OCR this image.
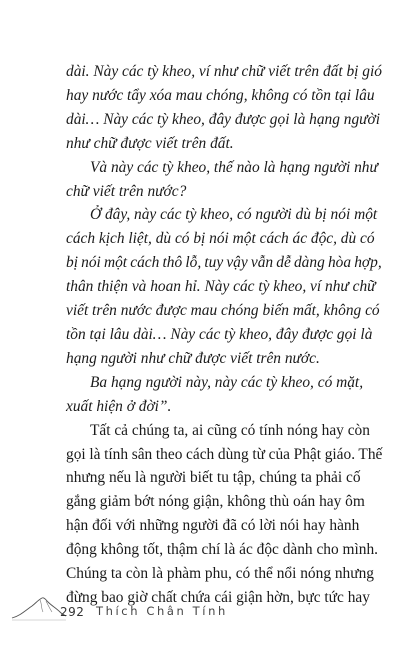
dài. Này các tỳ kheo, ví như chữ viết trên đất bị gió
hay nước tẩy xóa mau chóng, không có tồn tại lâu
dài… Này các tỳ kheo, đây được gọi là hạng người
như chữ được viết trên đất.

Và này các tỳ kheo, thế nào là hạng người như
chữ viết trên nước?

Ở đây, này các tỳ kheo, có người dù bị nói một
cách kịch liệt, dù có bị nói một cách ác độc, dù có
bị nói một cách thô lỗ, tuy vậy vẫn dễ dàng hòa hợp,
thân thiện và hoan hỉ. Này các tỳ kheo, ví như chữ
viết trên nước được mau chóng biến mất, không có
tồn tại lâu dài… Này các tỳ kheo, đây được gọi là
hạng người như chữ được viết trên nước.

Ba hạng người này, này các tỳ kheo, có mặt,
xuất hiện ở đời”.

Tất cả chúng ta, ai cũng có tính nóng hay còn
gọi là tính sân theo cách dùng từ của Phật giáo. Thế
nhưng nếu là người biết tu tập, chúng ta phải cố
gắng giảm bớt nóng giận, không thù oán hay ôm
hận đối với những người đã có lời nói hay hành
động không tốt, thậm chí là ác độc dành cho mình.
Chúng ta còn là phàm phu, có thể nổi nóng nhưng
đừng bao giờ chất chứa cái giận hờn, bực tức hay

292 Thích Chân Tính
